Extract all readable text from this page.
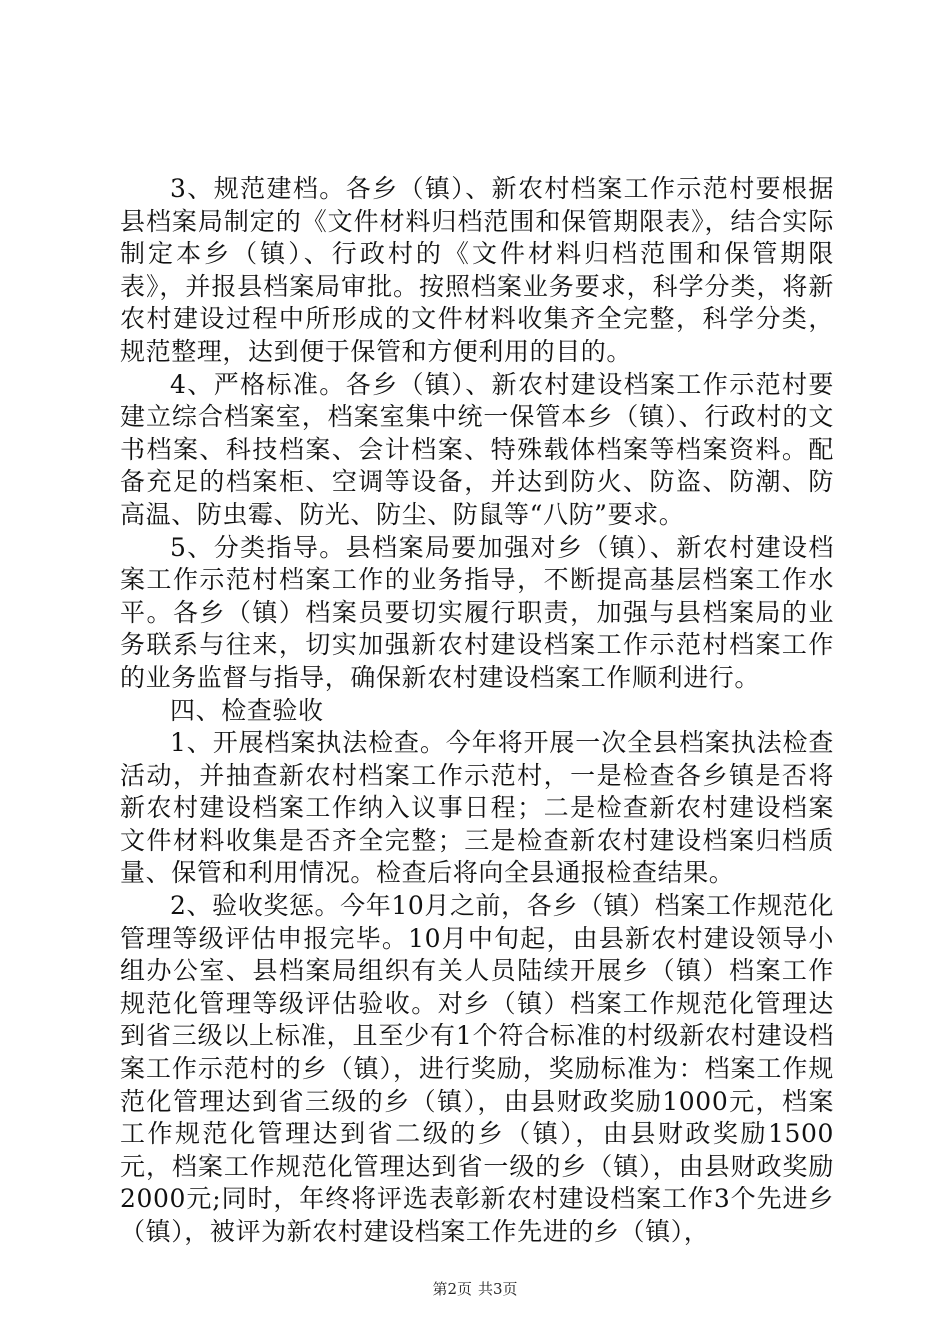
3、规范建档。各乡（镇）、新农村档案工作示范村要根据县档案局制定的《文件材料归档范围和保管期限表》，结合实际制定本乡（镇）、行政村的《文件材料归档范围和保管期限表》，并报县档案局审批。按照档案业务要求，科学分类，将新农村建设过程中所形成的文件材料收集齐全完整，科学分类，规范整理，达到便于保管和方便利用的目的。

4、严格标准。各乡（镇）、新农村建设档案工作示范村要建立综合档案室，档案室集中统一保管本乡（镇）、行政村的文书档案、科技档案、会计档案、特殊载体档案等档案资料。配备充足的档案柜、空调等设备，并达到防火、防盗、防潮、防高温、防虫霉、防光、防尘、防鼠等“八防”要求。

5、分类指导。县档案局要加强对乡（镇）、新农村建设档案工作示范村档案工作的业务指导，不断提高基层档案工作水平。各乡（镇）档案员要切实履行职责，加强与县档案局的业务联系与往来，切实加强新农村建设档案工作示范村档案工作的业务监督与指导，确保新农村建设档案工作顺利进行。

四、检查验收

1、开展档案执法检查。今年将开展一次全县档案执法检查活动，并抽查新农村档案工作示范村，一是检查各乡镇是否将新农村建设档案工作纳入议事日程；二是检查新农村建设档案文件材料收集是否齐全完整；三是检查新农村建设档案归档质量、保管和利用情况。检查后将向全县通报检查结果。

2、验收奖惩。今年10月之前，各乡（镇）档案工作规范化管理等级评估申报完毕。10月中旬起，由县新农村建设领导小组办公室、县档案局组织有关人员陆续开展乡（镇）档案工作规范化管理等级评估验收。对乡（镇）档案工作规范化管理达到省三级以上标准，且至少有1个符合标准的村级新农村建设档案工作示范村的乡（镇），进行奖励，奖励标准为：档案工作规范化管理达到省三级的乡（镇），由县财政奖励1000元，档案工作规范化管理达到省二级的乡（镇），由县财政奖励1500元，档案工作规范化管理达到省一级的乡（镇），由县财政奖励2000元;同时，年终将评选表彰新农村建设档案工作3个先进乡（镇），被评为新农村建设档案工作先进的乡（镇），

第2页 共3页
